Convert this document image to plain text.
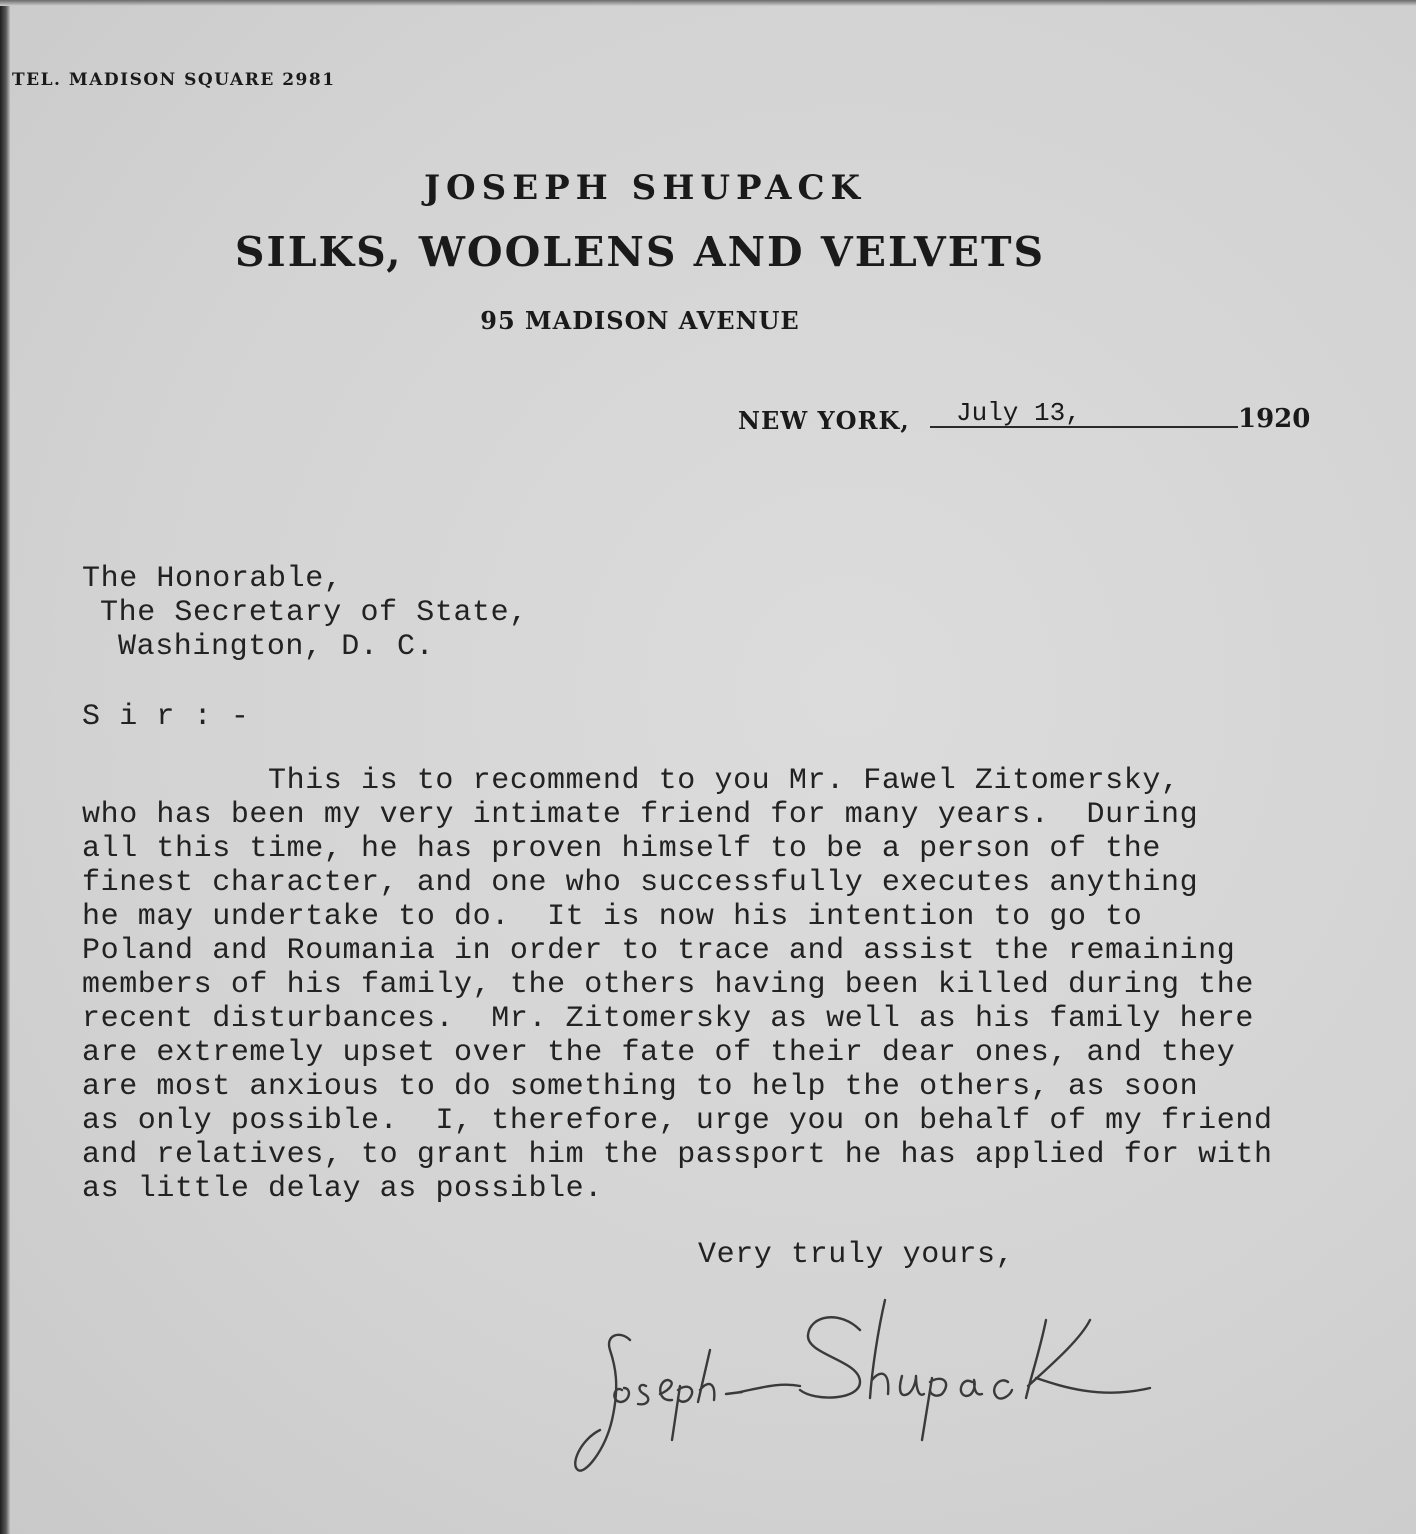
TEL. MADISON SQUARE 2981
JOSEPH SHUPACK
SILKS, WOOLENS AND VELVETS
95 MADISON AVENUE
NEW YORK, July 13,	1920
The Honorable,
The Secretary of State,
Washington, D. C.
S i r : -
This is to recommend to you Mr. Fawel Zitomersky,
who has been my very intimate friend for many years.  During
all this time, he has proven himself to be a person of the
finest character, and one who successfully executes anything
he may undertake to do.  It is now his intention to go to
Poland and Roumania in order to trace and assist the remaining
members of his family, the others having been killed during the
recent disturbances.  Mr. Zitomersky as well as his family here
are extremely upset over the fate of their dear ones, and they
are most anxious to do something to help the others, as soon
as only possible.  I, therefore, urge you on behalf of my friend
and relatives, to grant him the passport he has applied for with
as little delay as possible.
Very truly yours,
